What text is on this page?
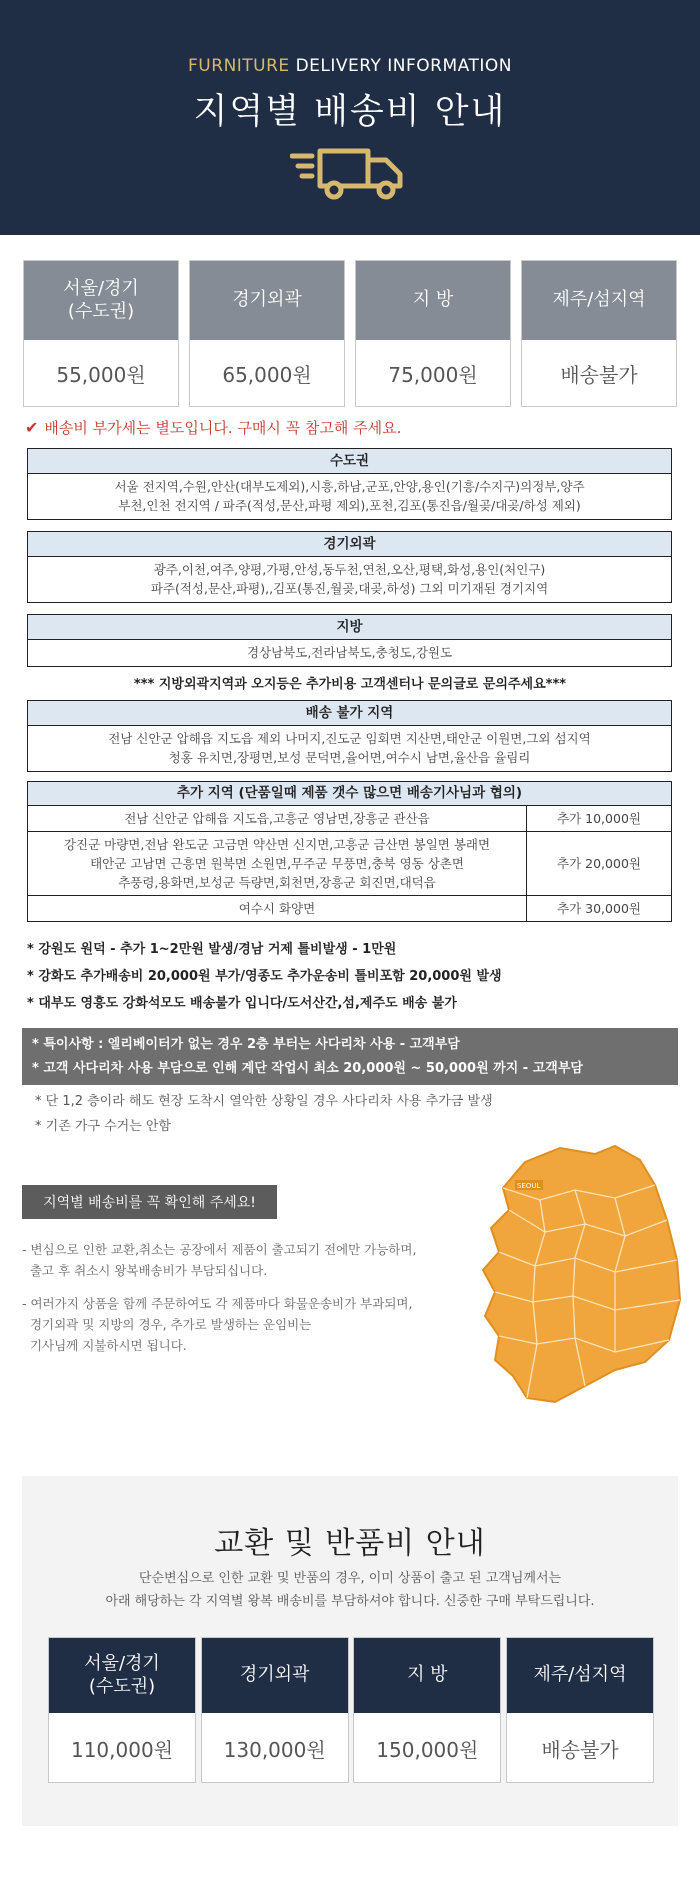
FURNITURE DELIVERY INFORMATION
지역별 배송비 안내
서울/경기
(수도권)
55,000원
경기외곽
65,000원
지 방
75,000원
제주/섬지역
배송불가
✔ 배송비 부가세는 별도입니다. 구매시 꼭 참고해 주세요.
수도권
서울 전지역,수원,안산(대부도제외),시흥,하남,군포,안양,용인(기흥/수지구)의정부,양주
부천,인천 전지역 / 파주(적성,문산,파평 제외),포천,김포(통진읍/월곶/대곶/하성 제외)
경기외곽
광주,이천,여주,양평,가평,안성,동두천,연천,오산,평택,화성,용인(처인구)
파주(적성,문산,파평),,김포(통진,월곶,대곶,하성) 그외 미기재된 경기지역
지방
경상남북도,전라남북도,충청도,강원도
*** 지방외곽지역과 오지등은 추가비용 고객센터나 문의글로 문의주세요***
배송 불가 지역
전남 신안군 압해읍 지도읍 제외 나머지,진도군 임회면 지산면,태안군 이원면,그외 섬지역
청홍 유치면,장평면,보성 문덕면,율어면,여수시 남면,율산읍 율림리
추가 지역 (단품일때 제품 갯수 많으면 배송기사님과 협의)	

전남 신안군 압해읍 지도읍,고흥군 영남면,장흥군 관산읍	추가 10,000원

강진군 마량면,전남 완도군 고금면 약산면 신지면,고흥군 금산면 봉일면 봉래면
태안군 고남면 근흥면 원북면 소원면,무주군 무풍면,충북 영동 상촌면
추풍령,용화면,보성군 득량면,회천면,장흥군 회진면,대덕읍	추가 20,000원

여수시 화양면	추가 30,000원
* 강원도 원덕 - 추가 1~2만원 발생/경남 거제 톨비발생 - 1만원
* 강화도 추가배송비 20,000원 부가/영종도 추가운송비 톨비포함 20,000원 발생
* 대부도 영흥도 강화석모도 배송불가 입니다/도서산간,섬,제주도 배송 불가
* 특이사항 : 엘리베이터가 없는 경우 2층 부터는 사다리차 사용 - 고객부담
* 고객 사다리차 사용 부담으로 인해 계단 작업시 최소 20,000원 ~ 50,000원 까지 - 고객부담
* 단 1,2 층이라 해도 현장 도착시 열악한 상황일 경우 사다리차 사용 추가금 발생
* 기존 가구 수거는 안함
지역별 배송비를 꼭 확인해 주세요!
- 변심으로 인한 교환,취소는 공장에서 제품이 출고되기 전에만 가능하며,
출고 후 취소시 왕복배송비가 부담되십니다.
- 여러가지 상품을 함께 주문하여도 각 제품마다 화물운송비가 부과되며,
경기외곽 및 지방의 경우, 추가로 발생하는 운임비는
기사님께 지불하시면 됩니다.
SEOUL
교환 및 반품비 안내
단순변심으로 인한 교환 및 반품의 경우, 이미 상품이 출고 된 고객님께서는
아래 해당하는 각 지역별 왕복 배송비를 부담하셔야 합니다. 신중한 구매 부탁드립니다.
서울/경기
(수도권)
110,000원
경기외곽
130,000원
지 방
150,000원
제주/섬지역
배송불가
